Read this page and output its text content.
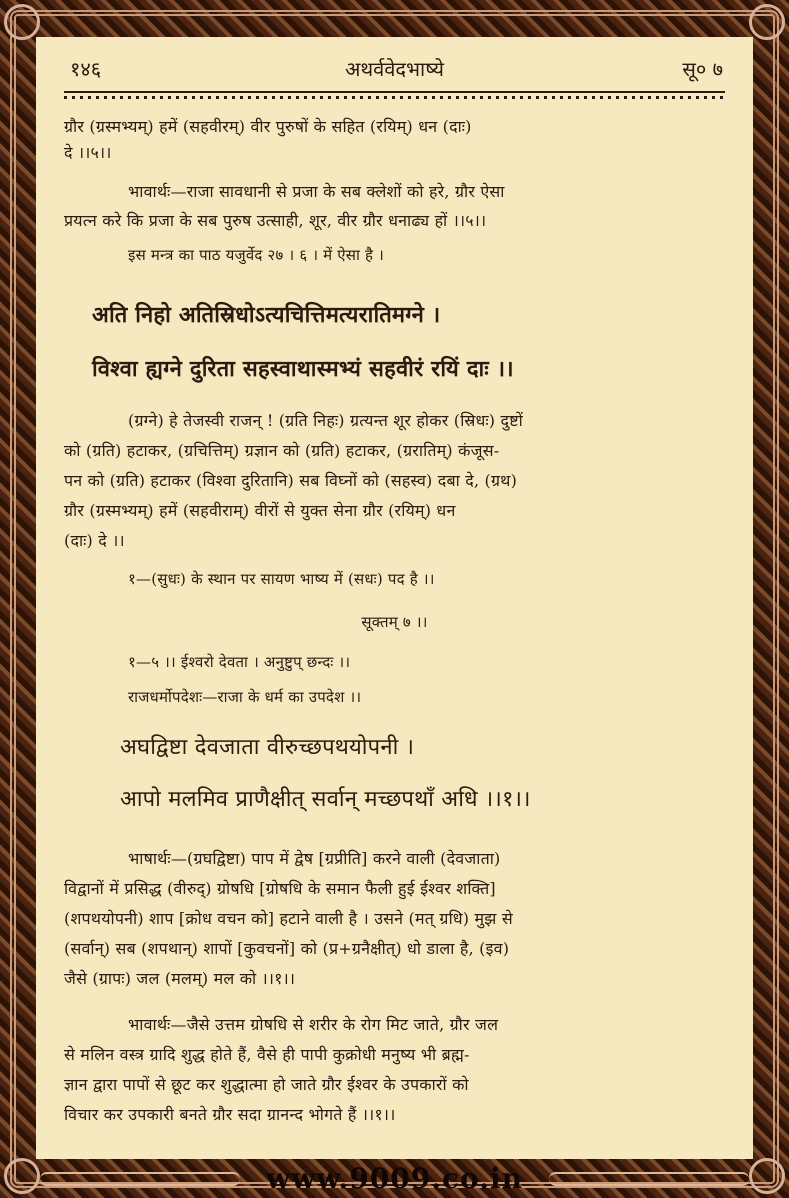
१४६	अथर्ववेदभाष्ये	सू० ७
ग्रौर (ग्रस्मभ्यम्) हमें (सहवीरम्) वीर पुरुषों के सहित (रयिम्) धन (दाः)
दे ।।५।।
भावार्थः—राजा सावधानी से प्रजा के सब क्लेशों को हरे, ग्रौर ऐसा
प्रयत्न करे कि प्रजा के सब पुरुष उत्साही, शूर, वीर ग्रौर धनाढ्य हों ।।५।।
इस मन्त्र का पाठ यजुर्वेद २७ । ६ । में ऐसा है ।
अति निहो अतिस्रिधोऽत्यचित्तिमत्यरातिमग्ने ।
विश्वा ह्यग्ने दुरिता सहस्वाथास्मभ्यं सहवीरं रयिं दाः ।।
(ग्रग्ने) हे तेजस्वी राजन् ! (ग्रति निहः) ग्रत्यन्त शूर होकर (स्रिधः) दुष्टों
को (ग्रति) हटाकर, (ग्रचित्तिम्) ग्रज्ञान को (ग्रति) हटाकर, (ग्ररातिम्) कंजूस-
पन को (ग्रति) हटाकर (विश्वा दुरितानि) सब विघ्नों को (सहस्व) दबा दे, (ग्रथ)
ग्रौर (ग्रस्मभ्यम्) हमें (सहवीराम्) वीरों से युक्त सेना ग्रौर (रयिम्) धन
(दाः) दे ।।
१—(सुधः) के स्थान पर सायण भाष्य में (सधः) पद है ।।
सूक्तम् ७ ।।
१—५ ।। ईश्वरो देवता । अनुष्टुप् छन्दः ।।
राजधर्मोपदेशः—राजा के धर्म का उपदेश ।।
अघद्विष्टा देवजाता वीरुच्छपथयोपनी ।
आपो मलमिव प्राणैक्षीत् सर्वान् मच्छपथाँ अधि ।।१।।
भाषार्थः—(ग्रघद्विष्टा) पाप में द्वेष [ग्रप्रीति] करने वाली (देवजाता)
विद्वानों में प्रसिद्ध (वीरुद्) ग्रोषधि [ग्रोषधि के समान फैली हुई ईश्वर शक्ति]
(शपथयोपनी) शाप [क्रोध वचन को] हटाने वाली है । उसने (मत् ग्रधि) मुझ से
(सर्वान्) सब (शपथान्) शापों [कुवचनों] को (प्र+ग्रनैक्षीत्) धो डाला है, (इव)
जैसे (ग्रापः) जल (मलम्) मल को ।।१।।
भावार्थः—जैसे उत्तम ग्रोषधि से शरीर के रोग मिट जाते, ग्रौर जल
से मलिन वस्त्र ग्रादि शुद्ध होते हैं, वैसे ही पापी कुक्रोधी मनुष्य भी ब्रह्म-
ज्ञान द्वारा पापों से छूट कर शुद्धात्मा हो जाते ग्रौर ईश्वर के उपकारों को
विचार कर उपकारी बनते ग्रौर सदा ग्रानन्द भोगते हैं ।।१।।
www.9009.co.in
